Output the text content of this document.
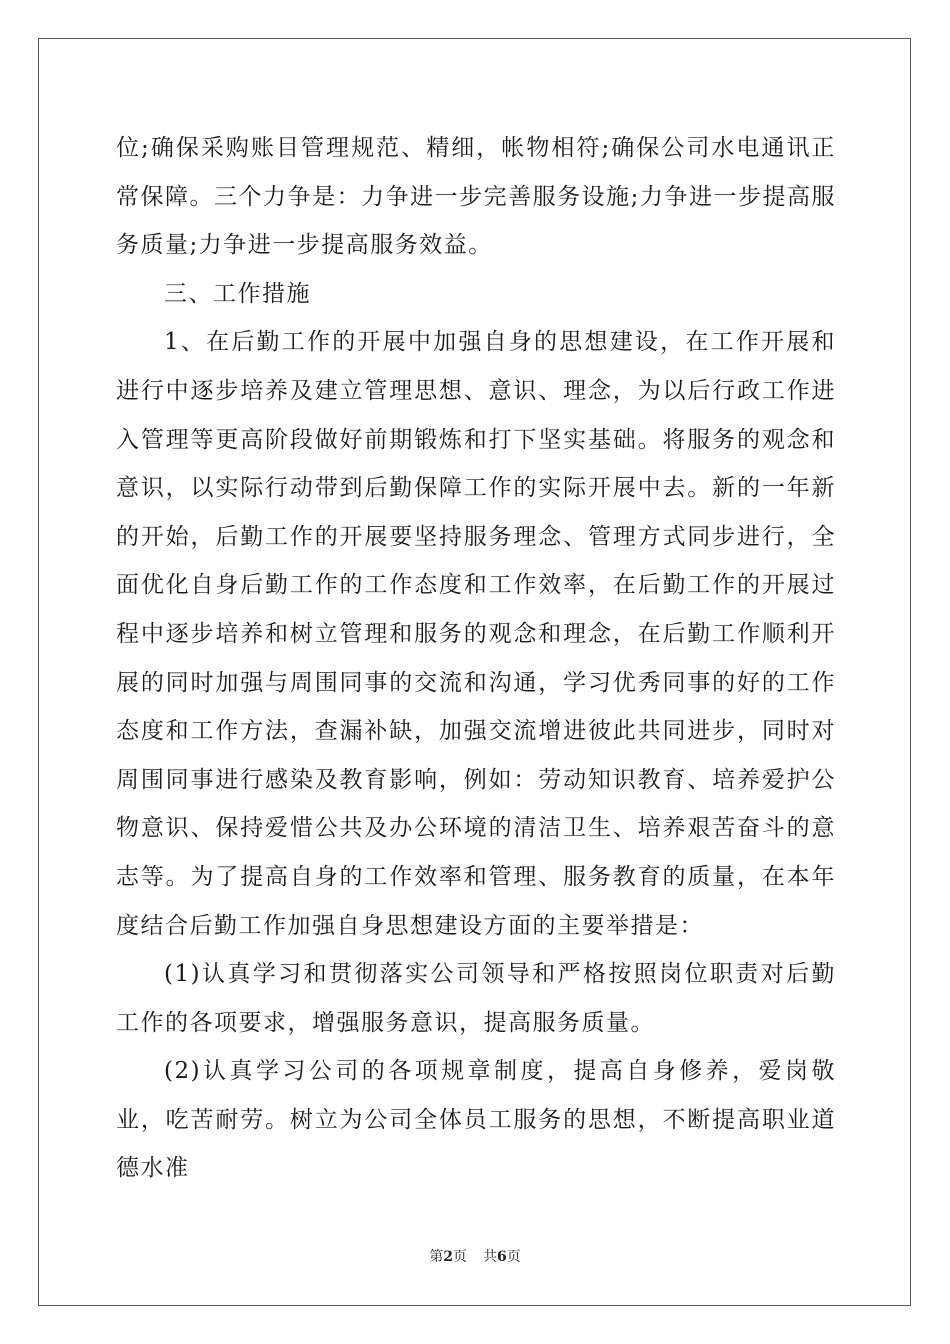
位;确保采购账目管理规范、精细，帐物相符;确保公司水电通讯正常保障。三个力争是：力争进一步完善服务设施;力争进一步提高服务质量;力争进一步提高服务效益。

三、工作措施

1、在后勤工作的开展中加强自身的思想建设，在工作开展和进行中逐步培养及建立管理思想、意识、理念，为以后行政工作进入管理等更高阶段做好前期锻炼和打下坚实基础。将服务的观念和意识，以实际行动带到后勤保障工作的实际开展中去。新的一年新的开始，后勤工作的开展要坚持服务理念、管理方式同步进行，全面优化自身后勤工作的工作态度和工作效率，在后勤工作的开展过程中逐步培养和树立管理和服务的观念和理念，在后勤工作顺利开展的同时加强与周围同事的交流和沟通，学习优秀同事的好的工作态度和工作方法，查漏补缺，加强交流增进彼此共同进步，同时对周围同事进行感染及教育影响，例如：劳动知识教育、培养爱护公物意识、保持爱惜公共及办公环境的清洁卫生、培养艰苦奋斗的意志等。为了提高自身的工作效率和管理、服务教育的质量，在本年度结合后勤工作加强自身思想建设方面的主要举措是：

(1)认真学习和贯彻落实公司领导和严格按照岗位职责对后勤工作的各项要求，增强服务意识，提高服务质量。

(2)认真学习公司的各项规章制度，提高自身修养，爱岗敬业，吃苦耐劳。树立为公司全体员工服务的思想，不断提高职业道德水准

第2页 共6页
